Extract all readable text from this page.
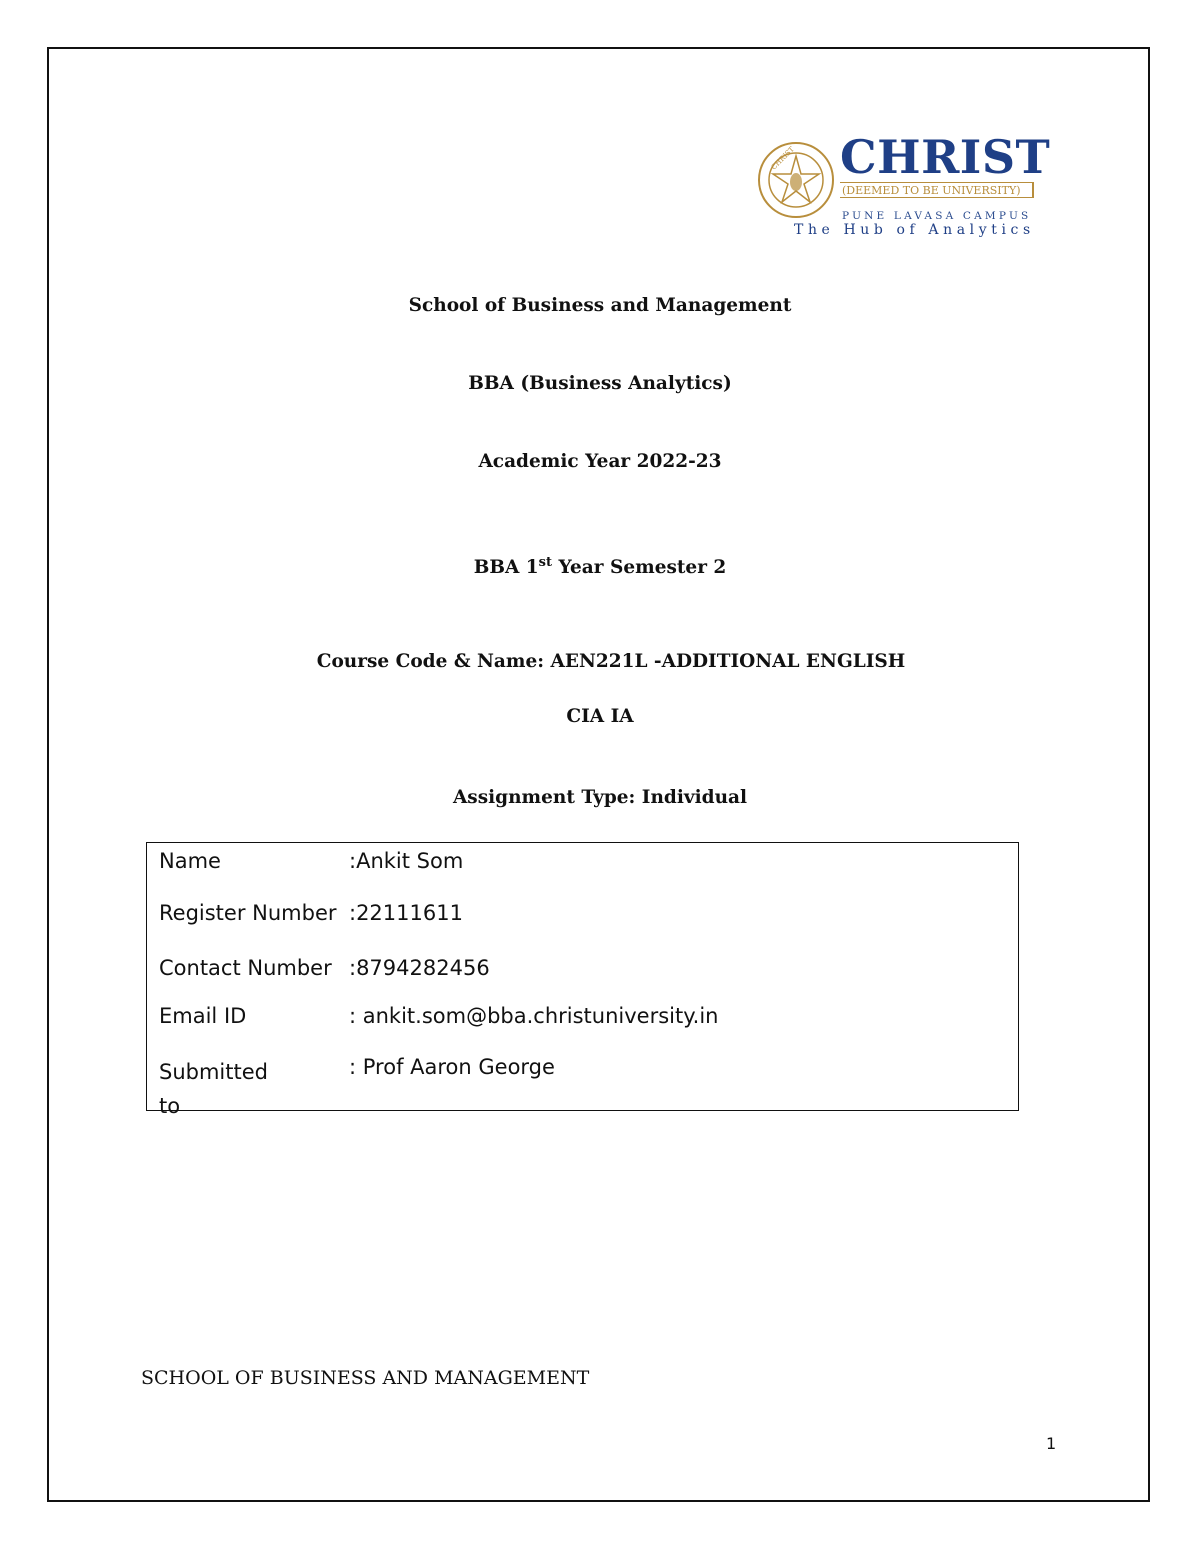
CHRIST CHRIST
(DEEMED TO BE UNIVERSITY)
PUNE LAVASA CAMPUS
The Hub of Analytics
School of Business and Management
BBA (Business Analytics)
Academic Year 2022-23
BBA 1st Year Semester 2
Course Code & Name: AEN221L -ADDITIONAL ENGLISH
CIA IA
Assignment Type: Individual
Name	:Ankit Som
Register Number :22111611
Contact Number :8794282456
Email ID	: ankit.som@bba.christuniversity.in
Submitted to
: Prof Aaron George
SCHOOL OF BUSINESS AND MANAGEMENT
1
